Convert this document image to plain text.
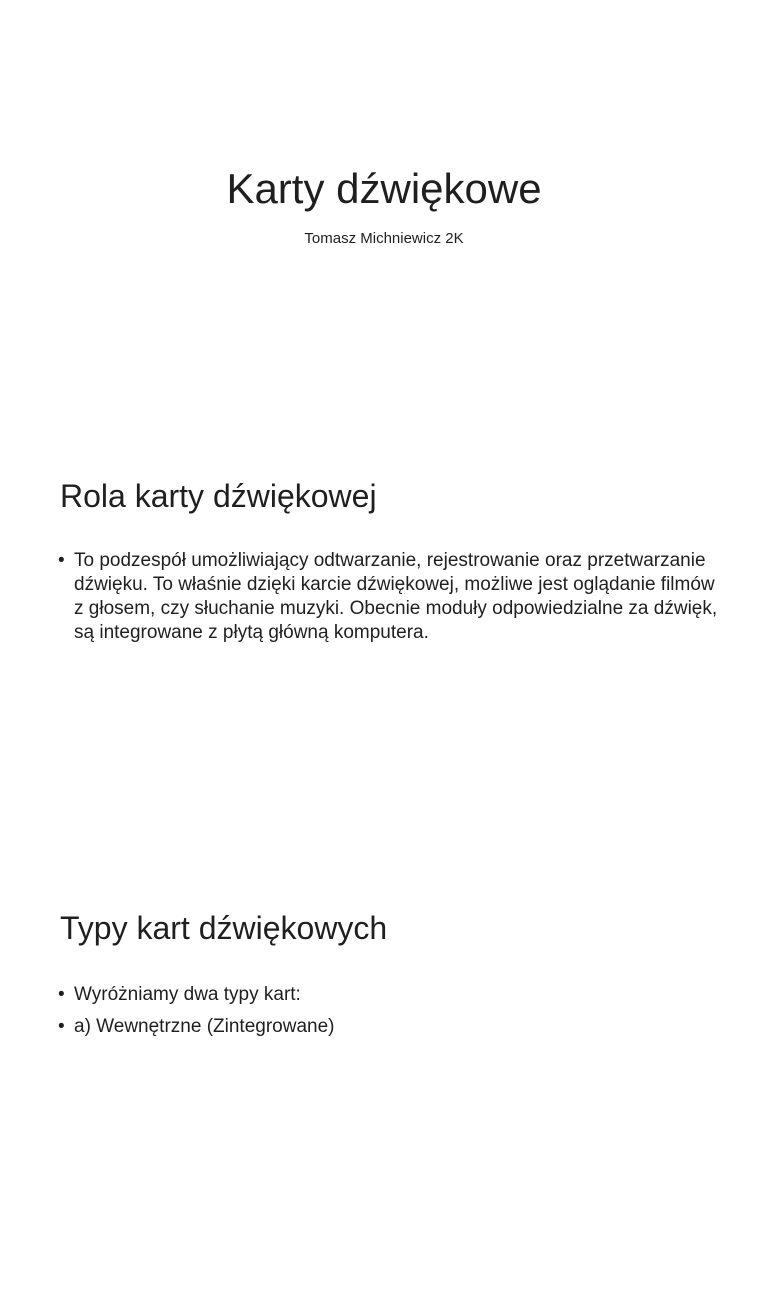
Karty dźwiękowe
Tomasz Michniewicz 2K
Rola karty dźwiękowej
• To podzespół umożliwiający odtwarzanie, rejestrowanie oraz przetwarzanie dźwięku. To właśnie dzięki karcie dźwiękowej, możliwe jest oglądanie filmów z głosem, czy słuchanie muzyki. Obecnie moduły odpowiedzialne za dźwięk, są integrowane z płytą główną komputera.
Typy kart dźwiękowych
• Wyróżniamy dwa typy kart:
• a) Wewnętrzne (Zintegrowane)
